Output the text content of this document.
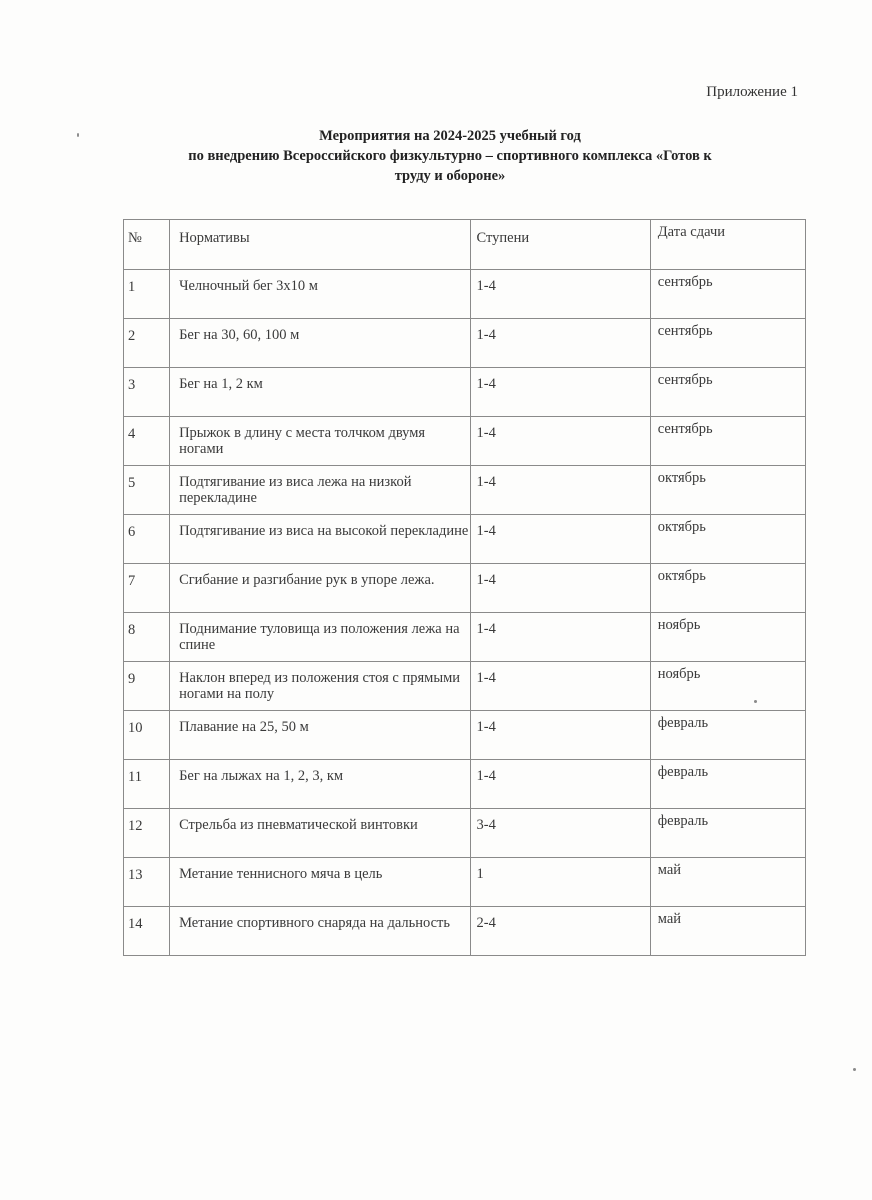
Приложение 1
Мероприятия на 2024-2025 учебный год
по внедрению Всероссийского физкультурно – спортивного комплекса «Готов к
труду и обороне»
№	Нормативы	Ступени	Дата сдачи
1	Челночный бег 3х10 м	1-4	сентябрь
2	Бег на 30, 60, 100 м	1-4	сентябрь
3	Бег на 1, 2 км	1-4	сентябрь
4	Прыжок в длину с места толчком двумя ногами	1-4	сентябрь
5	Подтягивание из виса лежа на низкой перекладине	1-4	октябрь
6	Подтягивание из виса на высокой перекладине	1-4	октябрь
7	Сгибание и разгибание рук в упоре лежа.	1-4	октябрь
8	Поднимание туловища из положения лежа на спине	1-4	ноябрь
9	Наклон вперед из положения стоя с прямыми ногами на полу	1-4	ноябрь
10	Плавание на 25, 50 м	1-4	февраль
11	Бег на лыжах на 1, 2, 3, км	1-4	февраль
12	Стрельба из пневматической винтовки	3-4	февраль
13	Метание теннисного мяча в цель	1	май
14	Метание спортивного снаряда на дальность	2-4	май
